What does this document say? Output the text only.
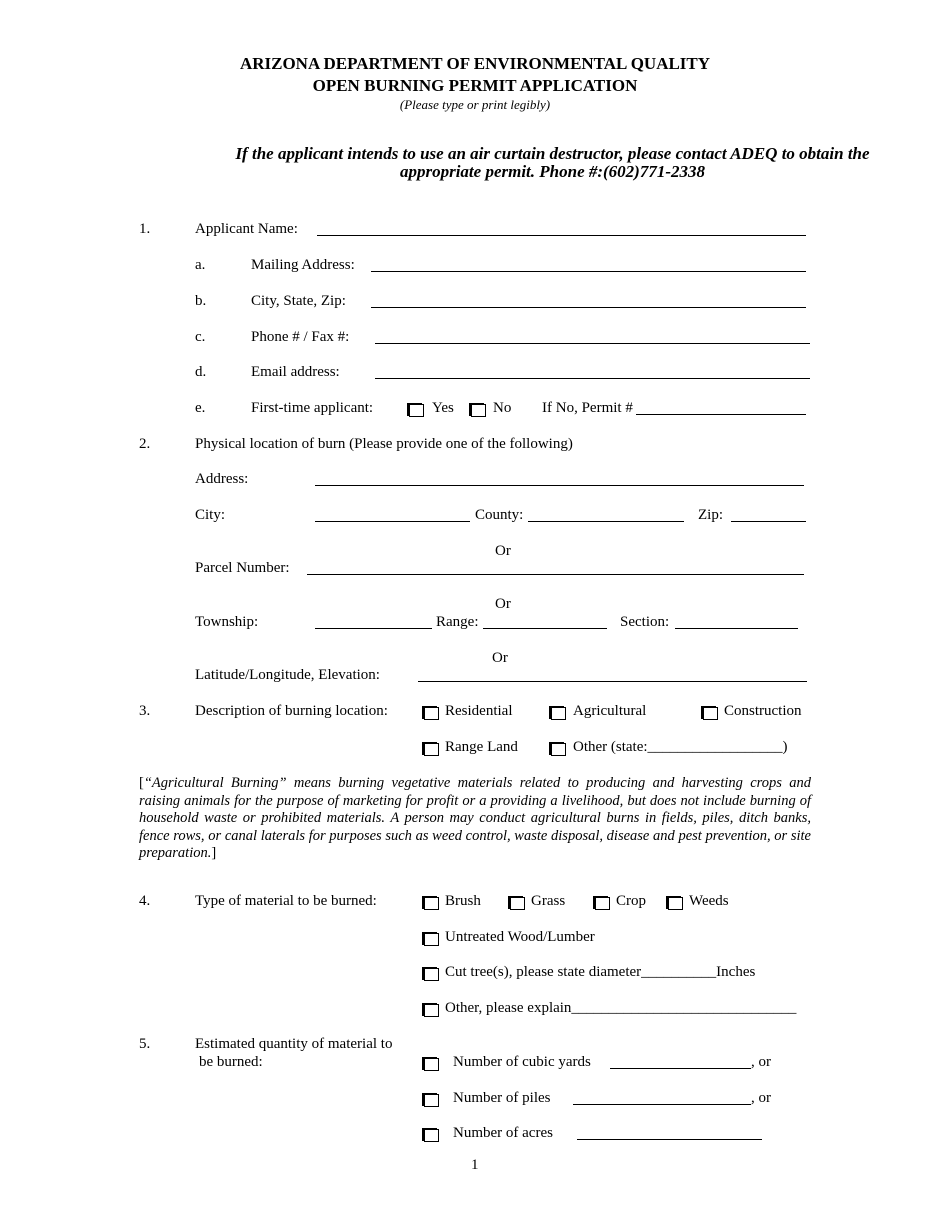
ARIZONA DEPARTMENT OF ENVIRONMENTAL QUALITY
OPEN BURNING PERMIT APPLICATION
(Please type or print legibly)
If the applicant intends to use an air curtain destructor, please contact ADEQ to obtain the appropriate permit. Phone #:(602)771-2338
1.	Applicant Name:
a.	Mailing Address:
b.	City, State, Zip:
c.	Phone # / Fax #:
d.	Email address:
e.	First-time applicant:	Yes	No If No, Permit #
2.	Physical location of burn (Please provide one of the following)
Address:
City:	County:	Zip:
Or
Parcel Number:
Or
Township:	Range:	Section:
Or
Latitude/Longitude, Elevation:
3.	Description of burning location:	Residential	Agricultural	Construction
Range Land	Other (state:__________________)
[“Agricultural Burning” means burning vegetative materials related to producing and harvesting crops and raising animals for the purpose of marketing for profit or a providing a livelihood, but does not include burning of household waste or prohibited materials. A person may conduct agricultural burns in fields, piles, ditch banks, fence rows, or canal laterals for purposes such as weed control, waste disposal, disease and pest prevention, or site preparation.]
4.	Type of material to be burned:	Brush	Grass	Crop	Weeds
Untreated Wood/Lumber
Cut tree(s), please state diameter__________Inches
Other, please explain______________________________
5.	Estimated quantity of material to
be burned:	Number of cubic yards	, or
Number of piles	, or
Number of acres
1
